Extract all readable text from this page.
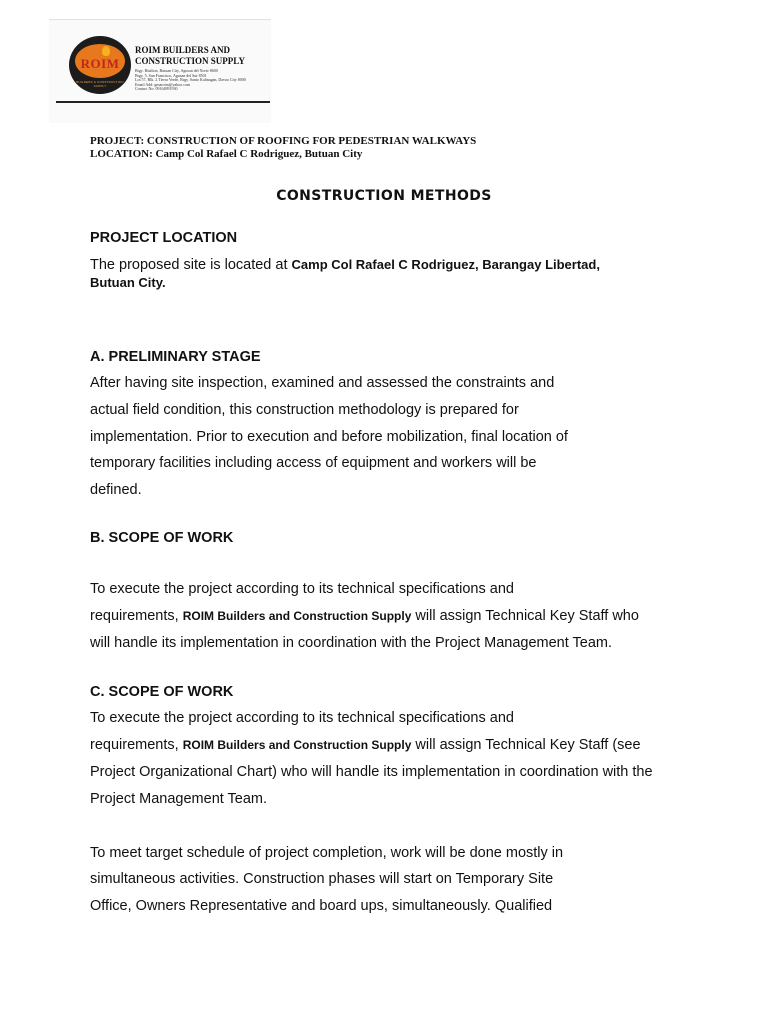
ROIM
BUILDERS & CONSTRUCTION SUPPLY
ROIM BUILDERS AND
CONSTRUCTION SUPPLY
Brgy. Bitalton, Butuan City, Agusan del Norte 8600
Brgy. 5, San Francisco, Agusan del Sur 8501
Lot 57, Blk. 2 Tierra Verde, Brgy. Santo Kalinagan, Davao City 8000
Email Add: gmaroim@yahoo.com
Contact No: 09164891930
PROJECT: CONSTRUCTION OF ROOFING FOR PEDESTRIAN WALKWAYS
LOCATION: Camp Col Rafael C Rodriguez, Butuan City
CONSTRUCTION METHODS
PROJECT LOCATION
The proposed site is located at Camp Col Rafael C Rodriguez, Barangay Libertad,
Butuan City.
A. PRELIMINARY STAGE
After having site inspection, examined and assessed the constraints and
actual field condition, this construction methodology is prepared for
implementation. Prior to execution and before mobilization, final location of
temporary facilities including access of equipment and workers will be
defined.
B. SCOPE OF WORK
To execute the project according to its technical specifications and
requirements, ROIM Builders and Construction Supply will assign Technical Key Staff who
will handle its implementation in coordination with the Project Management Team.
C. SCOPE OF WORK
To execute the project according to its technical specifications and
requirements, ROIM Builders and Construction Supply will assign Technical Key Staff (see
Project Organizational Chart) who will handle its implementation in coordination with the
Project Management Team.
To meet target schedule of project completion, work will be done mostly in
simultaneous activities. Construction phases will start on Temporary Site
Office, Owners Representative and board ups, simultaneously. Qualified
